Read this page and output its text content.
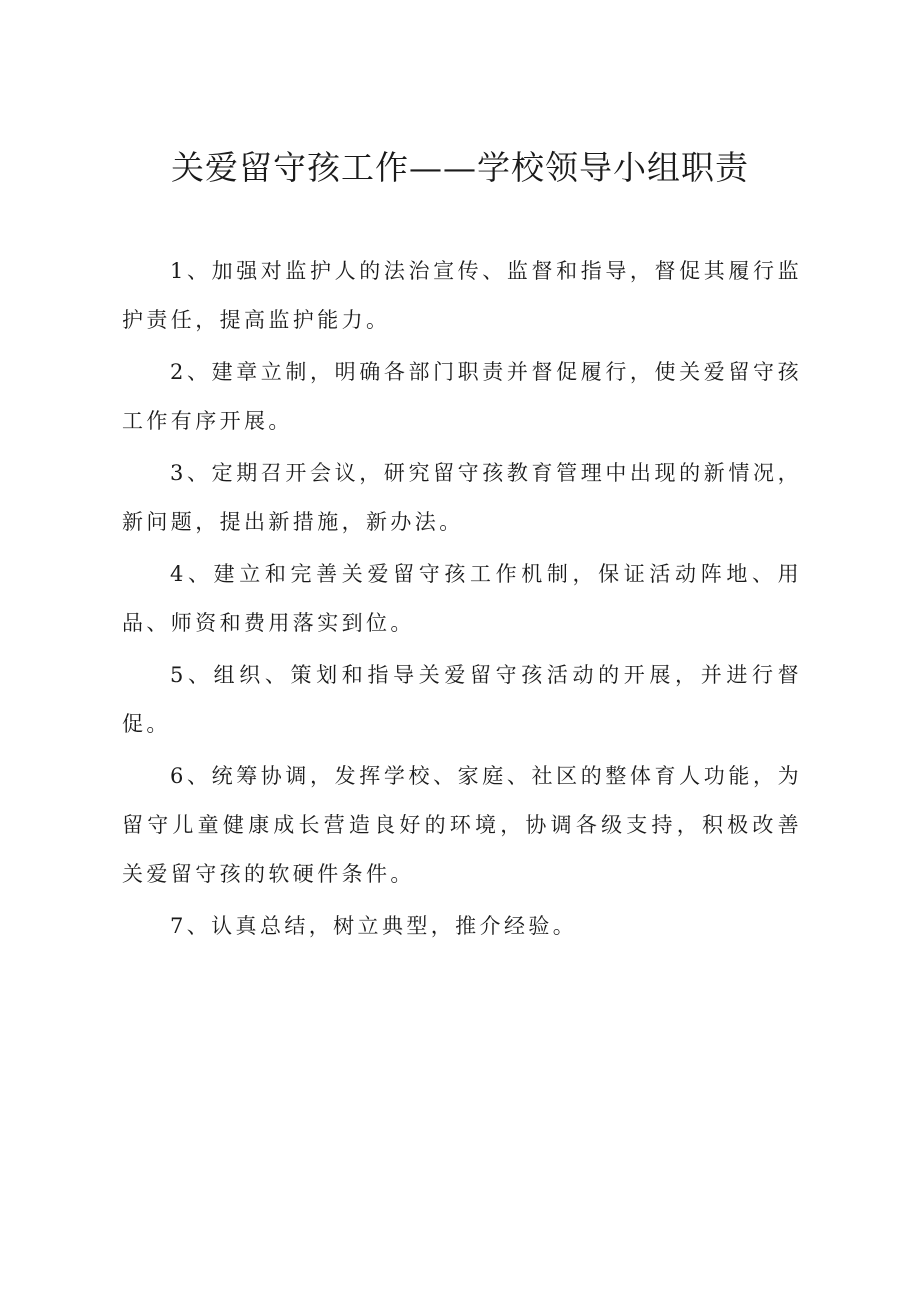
关爱留守孩工作——学校领导小组职责
1、加强对监护人的法治宣传、监督和指导，督促其履行监护责任，提高监护能力。
2、建章立制，明确各部门职责并督促履行，使关爱留守孩工作有序开展。
3、定期召开会议，研究留守孩教育管理中出现的新情况，新问题，提出新措施，新办法。
4、建立和完善关爱留守孩工作机制，保证活动阵地、用品、师资和费用落实到位。
5、组织、策划和指导关爱留守孩活动的开展，并进行督促。
6、统筹协调，发挥学校、家庭、社区的整体育人功能，为留守儿童健康成长营造良好的环境，协调各级支持，积极改善关爱留守孩的软硬件条件。
7、认真总结，树立典型，推介经验。
